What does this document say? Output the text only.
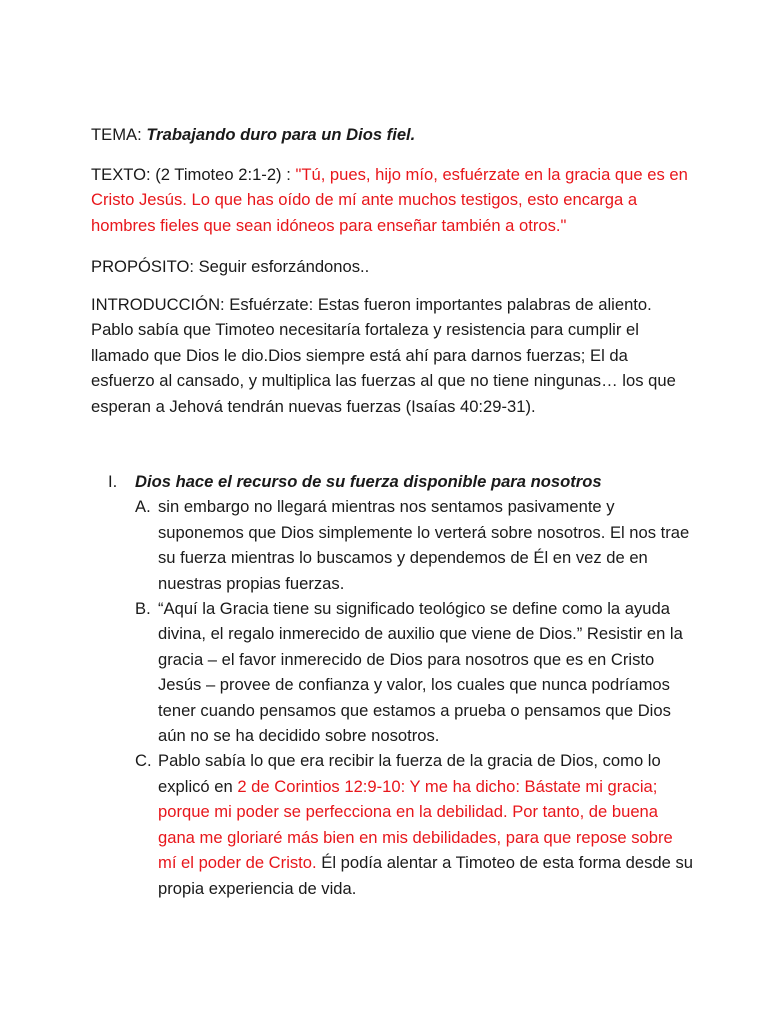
TEMA: Trabajando duro para un Dios fiel.

TEXTO: (2 Timoteo 2:1-2) : "Tú, pues, hijo mío, esfuérzate en la gracia que es en Cristo Jesús. Lo que has oído de mí ante muchos testigos, esto encarga a hombres fieles que sean idóneos para enseñar también a otros."

PROPÓSITO: Seguir esforzándonos..

INTRODUCCIÓN: Esfuérzate: Estas fueron importantes palabras de aliento. Pablo sabía que Timoteo necesitaría fortaleza y resistencia para cumplir el llamado que Dios le dio.Dios siempre está ahí para darnos fuerzas; El da esfuerzo al cansado, y multiplica las fuerzas al que no tiene ningunas… los que esperan a Jehová tendrán nuevas fuerzas (Isaías 40:29-31).

I.	Dios hace el recurso de su fuerza disponible para nosotros
A. sin embargo no llegará mientras nos sentamos pasivamente y suponemos que Dios simplemente lo verterá sobre nosotros. El nos trae su fuerza mientras lo buscamos y dependemos de Él en vez de en nuestras propias fuerzas.
B. “Aquí la Gracia tiene su significado teológico se define como la ayuda divina, el regalo inmerecido de auxilio que viene de Dios.” Resistir en la gracia – el favor inmerecido de Dios para nosotros que es en Cristo Jesús – provee de confianza y valor, los cuales que nunca podríamos tener cuando pensamos que estamos a prueba o pensamos que Dios aún no se ha decidido sobre nosotros.
C. Pablo sabía lo que era recibir la fuerza de la gracia de Dios, como lo explicó en 2 de Corintios 12:9-10: Y me ha dicho: Bástate mi gracia; porque mi poder se perfecciona en la debilidad. Por tanto, de buena gana me gloriaré más bien en mis debilidades, para que repose sobre mí el poder de Cristo. Él podía alentar a Timoteo de esta forma desde su propia experiencia de vida.
